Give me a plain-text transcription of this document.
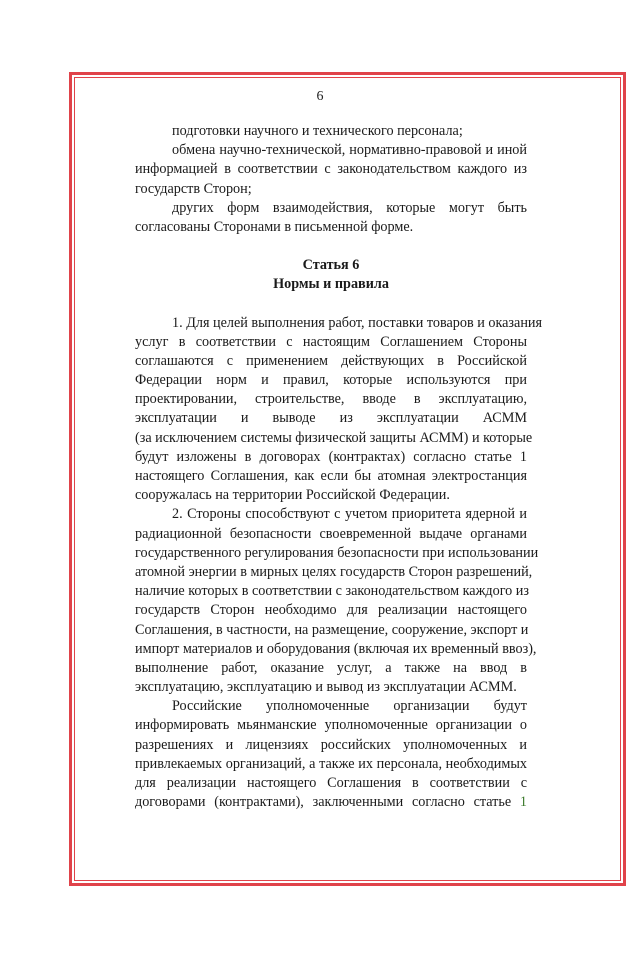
6
подготовки научного и технического персонала;
обмена научно-технической, нормативно-правовой и иной
информацией в соответствии с законодательством каждого из
государств Сторон;
других форм взаимодействия, которые могут быть
согласованы Сторонами в письменной форме.
Статья 6
Нормы и правила
1. Для целей выполнения работ, поставки товаров и оказания
услуг в соответствии с настоящим Соглашением Стороны
соглашаются с применением действующих в Российской
Федерации норм и правил, которые используются при
проектировании, строительстве, вводе в эксплуатацию,
эксплуатации и выводе из эксплуатации АСММ
(за исключением системы физической защиты АСММ) и которые
будут изложены в договорах (контрактах) согласно статье 1
настоящего Соглашения, как если бы атомная электростанция
сооружалась на территории Российской Федерации.
2. Стороны способствуют с учетом приоритета ядерной и
радиационной безопасности своевременной выдаче органами
государственного регулирования безопасности при использовании
атомной энергии в мирных целях государств Сторон разрешений,
наличие которых в соответствии с законодательством каждого из
государств Сторон необходимо для реализации настоящего
Соглашения, в частности, на размещение, сооружение, экспорт и
импорт материалов и оборудования (включая их временный ввоз),
выполнение работ, оказание услуг, а также на ввод в
эксплуатацию, эксплуатацию и вывод из эксплуатации АСММ.
Российские уполномоченные организации будут
информировать мьянманские уполномоченные организации о
разрешениях и лицензиях российских уполномоченных и
привлекаемых организаций, а также их персонала, необходимых
для реализации настоящего Соглашения в соответствии с
договорами (контрактами), заключенными согласно статье 1
